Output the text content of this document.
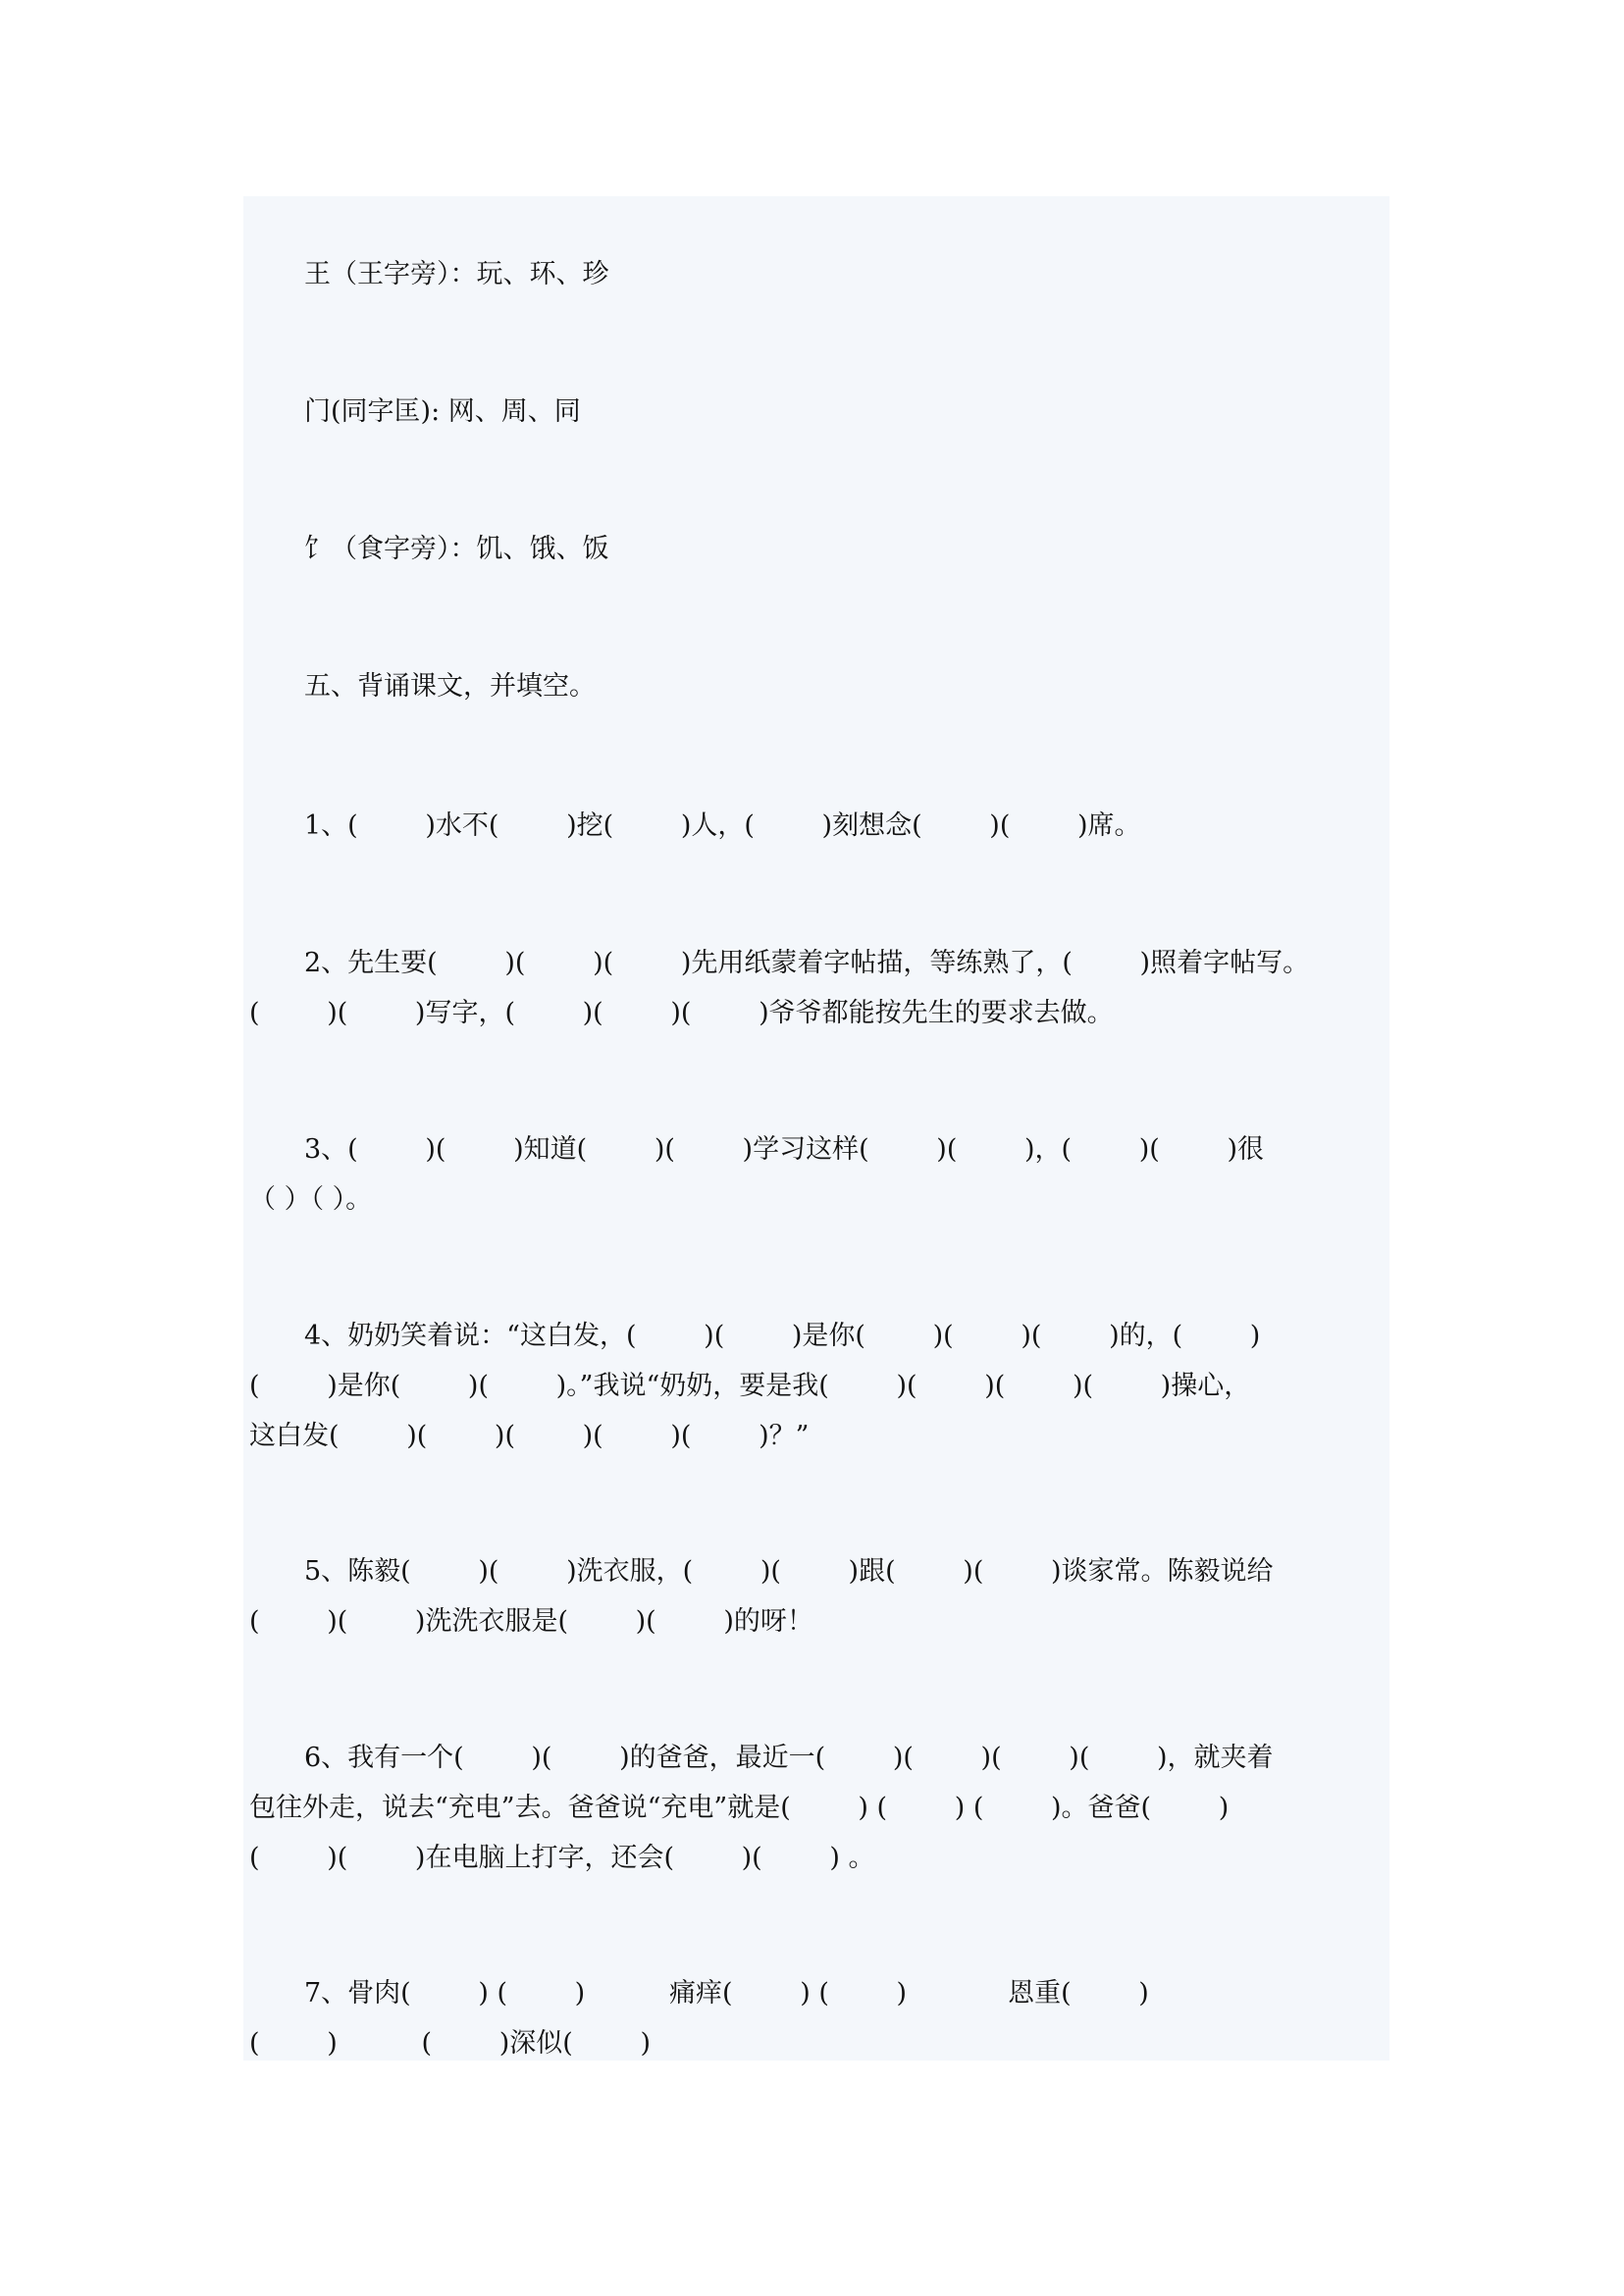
王（王字旁）：玩、环、珍

门(同字匡): 网、周、同

饣（食字旁）：饥、饿、饭

五、背诵课文，并填空。

1、(        )水不(        )挖(        )人，(        )刻想念(        )(        )席。

2、先生要(        )(        )(        )先用纸蒙着字帖描，等练熟了，(        )照着字帖写。

(        )(        )写字，(        )(        )(        )爷爷都能按先生的要求去做。

3、(        )(        )知道(        )(        )学习这样(        )(        )，(        )(        )很

（ ）（ ）。

4、奶奶笑着说：“这白发，(        )(        )是你(        )(        )(        )的，(        )

(        )是你(        )(        )。”我说“奶奶，要是我(        )(        )(        )(        )操心，

这白发(        )(        )(        )(        )(        )？”

5、陈毅(        )(        )洗衣服，(        )(        )跟(        )(        )谈家常。陈毅说给

(        )(        )洗洗衣服是(        )(        )的呀！

6、我有一个(        )(        )的爸爸，最近一(        )(        )(        )(        )，就夹着

包往外走，说去“充电”去。爸爸说“充电”就是(        ) (        ) (        )。爸爸(        )

(        )(        )在电脑上打字，还会(        )(        ) 。

7、骨肉(        ) (        )          痛痒(        ) (        )            恩重(        )

(        )          (        )深似(        )
